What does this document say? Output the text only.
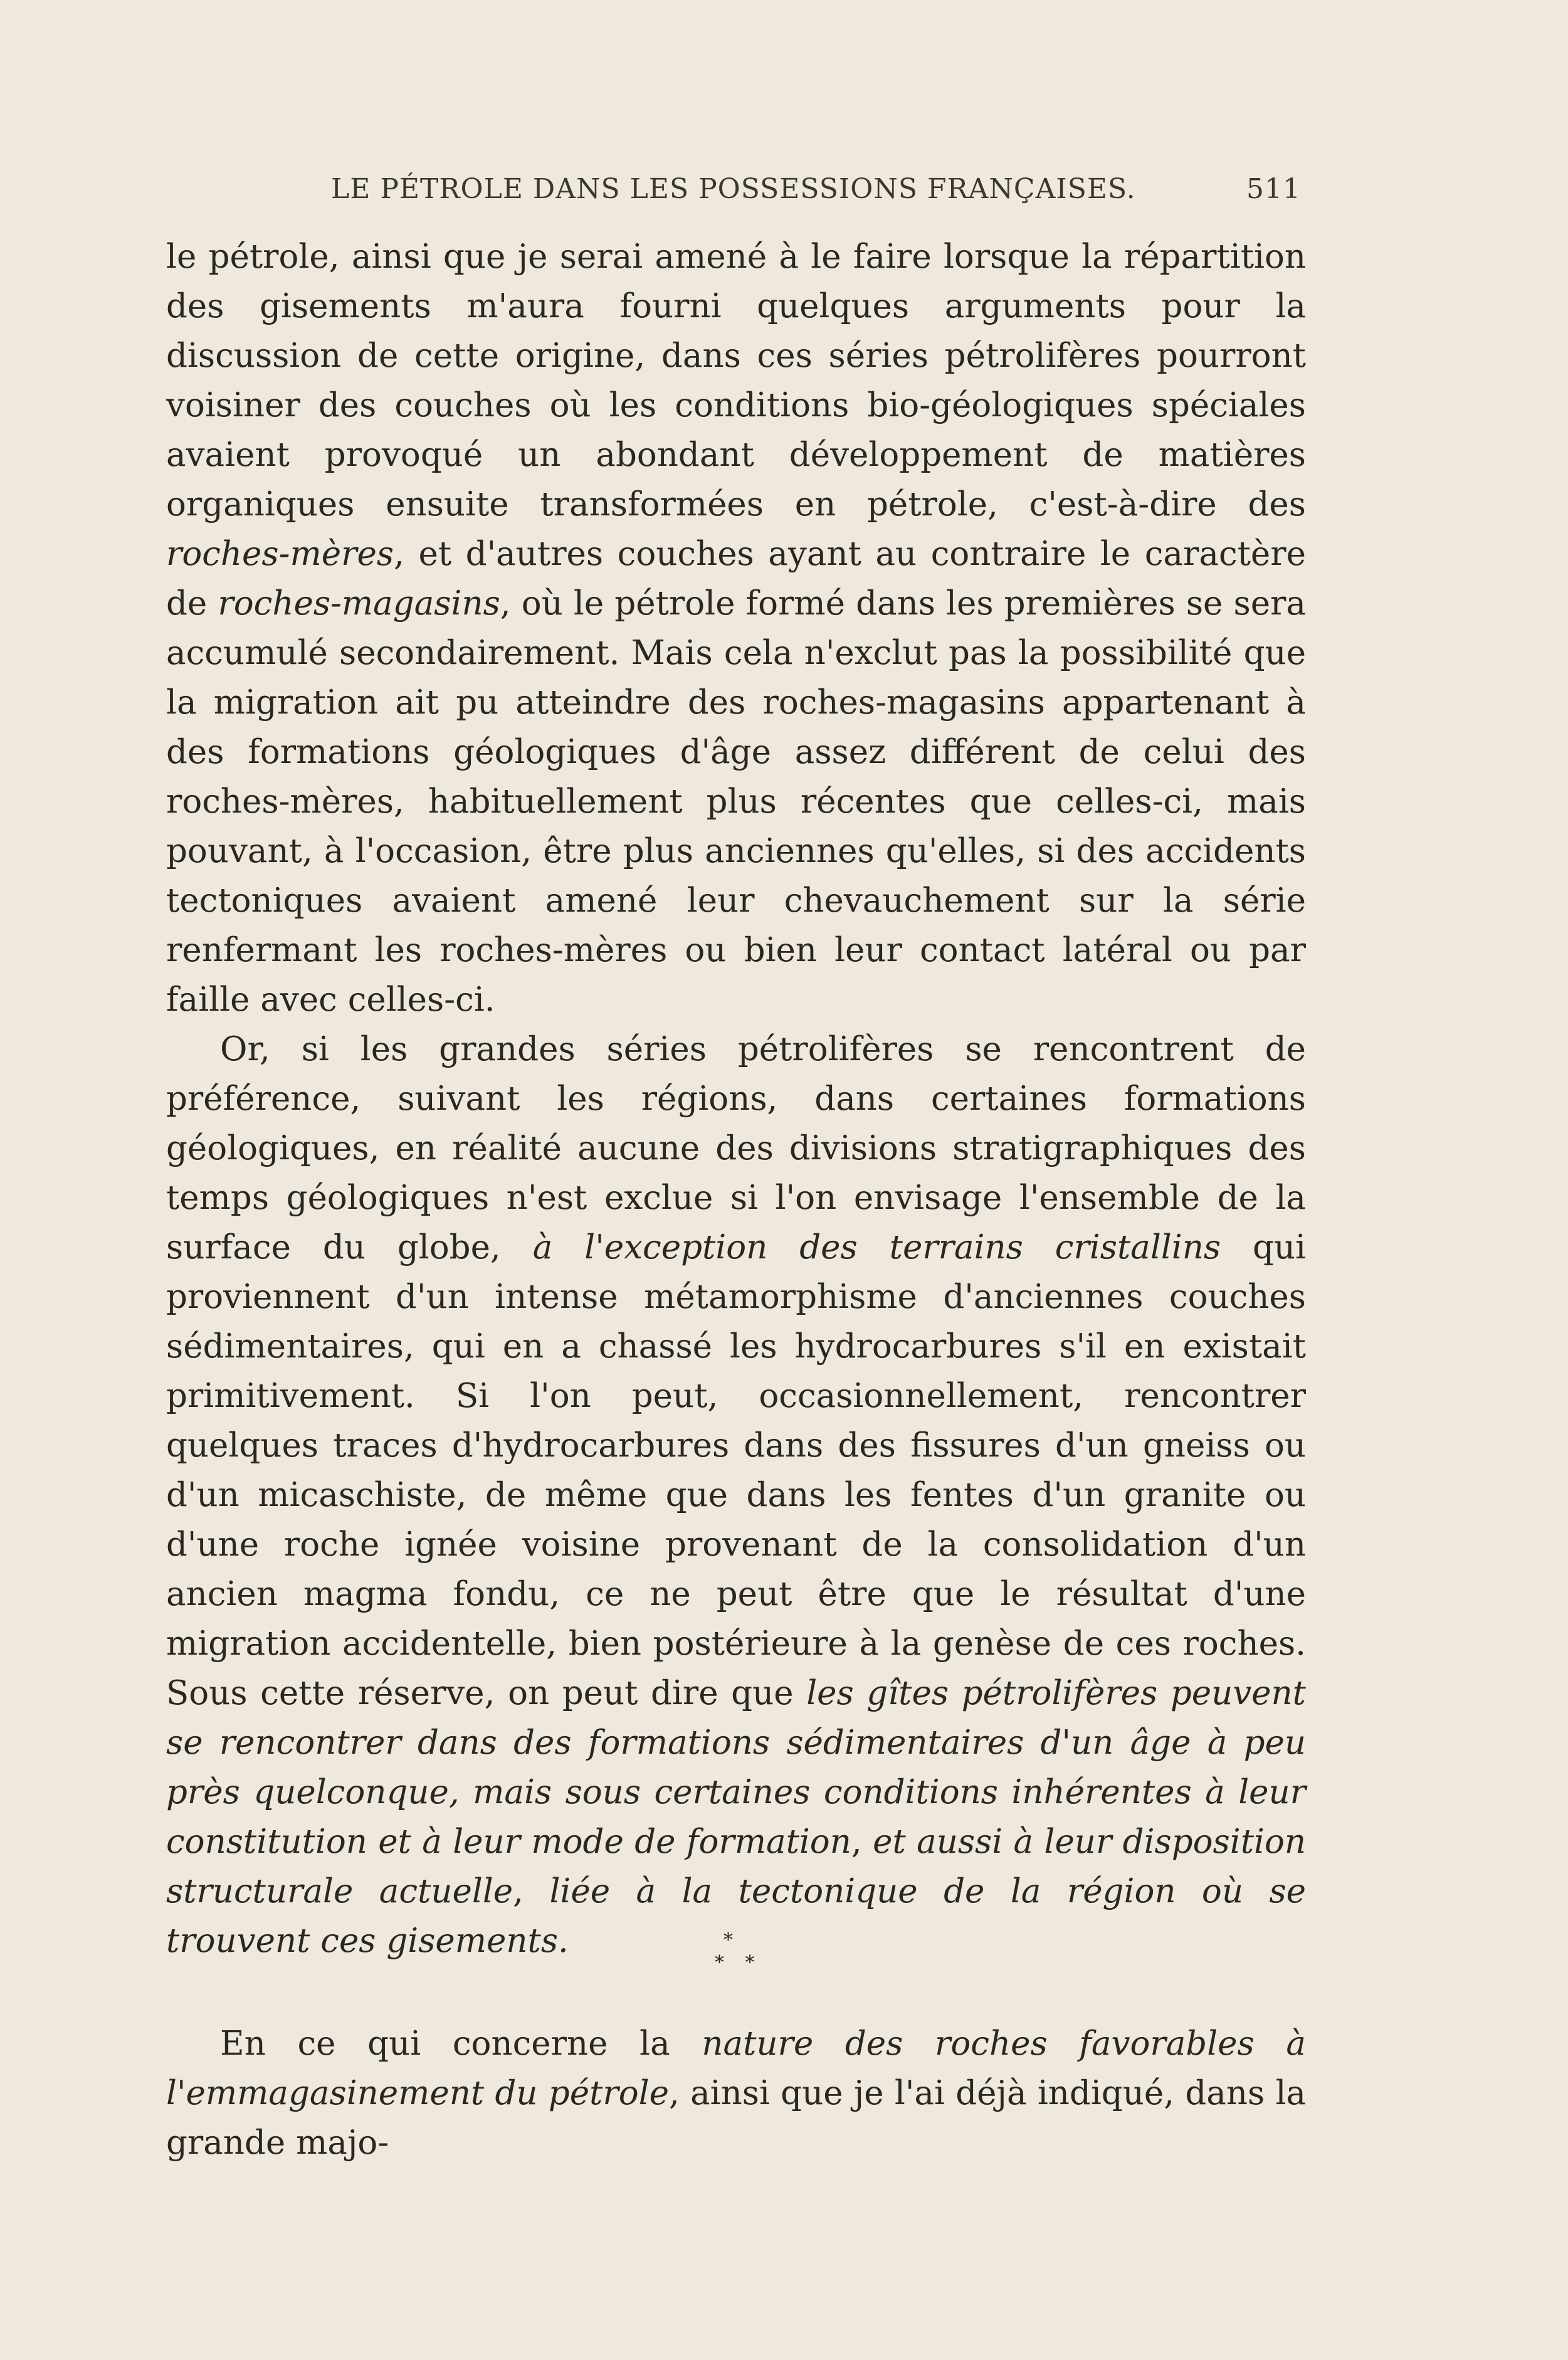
LE PÉTROLE DANS LES POSSESSIONS FRANÇAISES.	511

le pétrole, ainsi que je serai amené à le faire lorsque la répartition des gisements m'aura fourni quelques arguments pour la discussion de cette origine, dans ces séries pétrolifères pourront voisiner des couches où les conditions bio-géologiques spéciales avaient provoqué un abondant développement de matières organiques ensuite transformées en pétrole, c'est-à-dire des roches-mères, et d'autres couches ayant au contraire le caractère de roches-magasins, où le pétrole formé dans les premières se sera accumulé secondairement. Mais cela n'exclut pas la possibilité que la migration ait pu atteindre des roches-magasins appartenant à des formations géologiques d'âge assez différent de celui des roches-mères, habituellement plus récentes que celles-ci, mais pouvant, à l'occasion, être plus anciennes qu'elles, si des accidents tectoniques avaient amené leur chevauchement sur la série renfermant les roches-mères ou bien leur contact latéral ou par faille avec celles-ci.

Or, si les grandes séries pétrolifères se rencontrent de préférence, suivant les régions, dans certaines formations géologiques, en réalité aucune des divisions stratigraphiques des temps géologiques n'est exclue si l'on envisage l'ensemble de la surface du globe, à l'exception des terrains cristallins qui proviennent d'un intense métamorphisme d'anciennes couches sédimentaires, qui en a chassé les hydrocarbures s'il en existait primitivement. Si l'on peut, occasionnellement, rencontrer quelques traces d'hydrocarbures dans des fissures d'un gneiss ou d'un micaschiste, de même que dans les fentes d'un granite ou d'une roche ignée voisine provenant de la consolidation d'un ancien magma fondu, ce ne peut être que le résultat d'une migration accidentelle, bien postérieure à la genèse de ces roches. Sous cette réserve, on peut dire que les gîtes pétrolifères peuvent se rencontrer dans des formations sédimentaires d'un âge à peu près quelconque, mais sous certaines conditions inhérentes à leur constitution et à leur mode de formation, et aussi à leur disposition structurale actuelle, liée à la tectonique de la région où se trouvent ces gisements.	*
* *

En ce qui concerne la nature des roches favorables à l'emmagasinement du pétrole, ainsi que je l'ai déjà indiqué, dans la grande majo-
